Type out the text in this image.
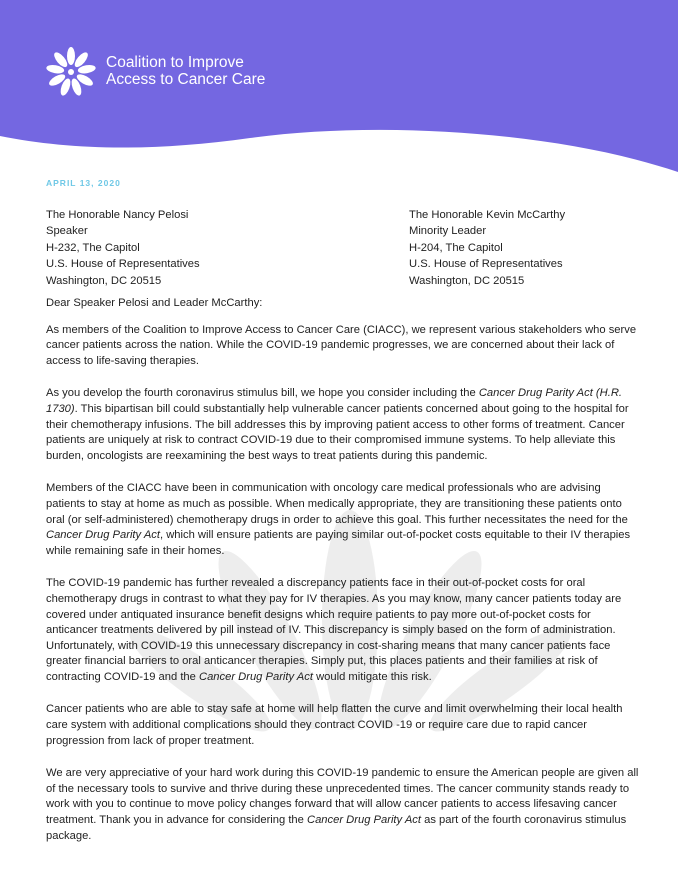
Coalition to Improve
Access to Cancer Care
APRIL 13, 2020
The Honorable Nancy Pelosi
Speaker
H-232, The Capitol
U.S. House of Representatives
Washington, DC 20515
The Honorable Kevin McCarthy
Minority Leader
H-204, The Capitol
U.S. House of Representatives
Washington, DC 20515

Dear Speaker Pelosi and Leader McCarthy:

As members of the Coalition to Improve Access to Cancer Care (CIACC), we represent various stakeholders who serve cancer patients across the nation. While the COVID-19 pandemic progresses, we are concerned about their lack of access to life-saving therapies.

As you develop the fourth coronavirus stimulus bill, we hope you consider including the Cancer Drug Parity Act (H.R. 1730). This bipartisan bill could substantially help vulnerable cancer patients concerned about going to the hospital for their chemotherapy infusions. The bill addresses this by improving patient access to other forms of treatment. Cancer patients are uniquely at risk to contract COVID-19 due to their compromised immune systems. To help alleviate this burden, oncologists are reexamining the best ways to treat patients during this pandemic.

Members of the CIACC have been in communication with oncology care medical professionals who are advising patients to stay at home as much as possible. When medically appropriate, they are transitioning these patients onto oral (or self-administered) chemotherapy drugs in order to achieve this goal. This further necessitates the need for the Cancer Drug Parity Act, which will ensure patients are paying similar out-of-pocket costs equitable to their IV therapies while remaining safe in their homes.

The COVID-19 pandemic has further revealed a discrepancy patients face in their out-of-pocket costs for oral chemotherapy drugs in contrast to what they pay for IV therapies. As you may know, many cancer patients today are covered under antiquated insurance benefit designs which require patients to pay more out-of-pocket costs for anticancer treatments delivered by pill instead of IV. This discrepancy is simply based on the form of administration. Unfortunately, with COVID-19 this unnecessary discrepancy in cost-sharing means that many cancer patients face greater financial barriers to oral anticancer therapies. Simply put, this places patients and their families at risk of contracting COVID-19 and the Cancer Drug Parity Act would mitigate this risk.

Cancer patients who are able to stay safe at home will help flatten the curve and limit overwhelming their local health care system with additional complications should they contract COVID -19 or require care due to rapid cancer progression from lack of proper treatment.

We are very appreciative of your hard work during this COVID-19 pandemic to ensure the American people are given all of the necessary tools to survive and thrive during these unprecedented times. The cancer community stands ready to work with you to continue to move policy changes forward that will allow cancer patients to access lifesaving cancer treatment. Thank you in advance for considering the Cancer Drug Parity Act as part of the fourth coronavirus stimulus package.
